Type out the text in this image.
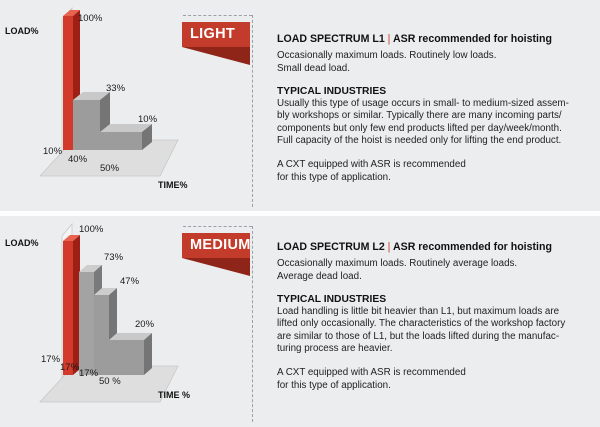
LOAD%
TIME%
100%
33%
10%
10%
40%
50%
LIGHT	LOAD SPECTRUM L1 | ASR recommended for hoisting

Occasionally maximum loads. Routinely low loads.

Small dead load.

TYPICAL INDUSTRIES

Usually this type of usage occurs in small- to medium-sized assem-

bly workshops or similar. Typically there are many incoming parts/

components but only few end products lifted per day/week/month.

Full capacity of the hoist is needed only for lifting the end product.

A CXT equipped with ASR is recommended

for this type of application.

LOAD%
TIME %
100%
73%
47%
20%
17%
17%
17%
50 %
MEDIUM LOAD SPECTRUM L2 | ASR recommended for hoisting

Occasionally maximum loads. Routinely average loads.

Average dead load.

TYPICAL INDUSTRIES

Load handling is little bit heavier than L1, but maximum loads are

lifted only occasionally. The characteristics of the workshop factory

are similar to those of L1, but the loads lifted during the manufac-

turing process are heavier.

A CXT equipped with ASR is recommended

for this type of application.
